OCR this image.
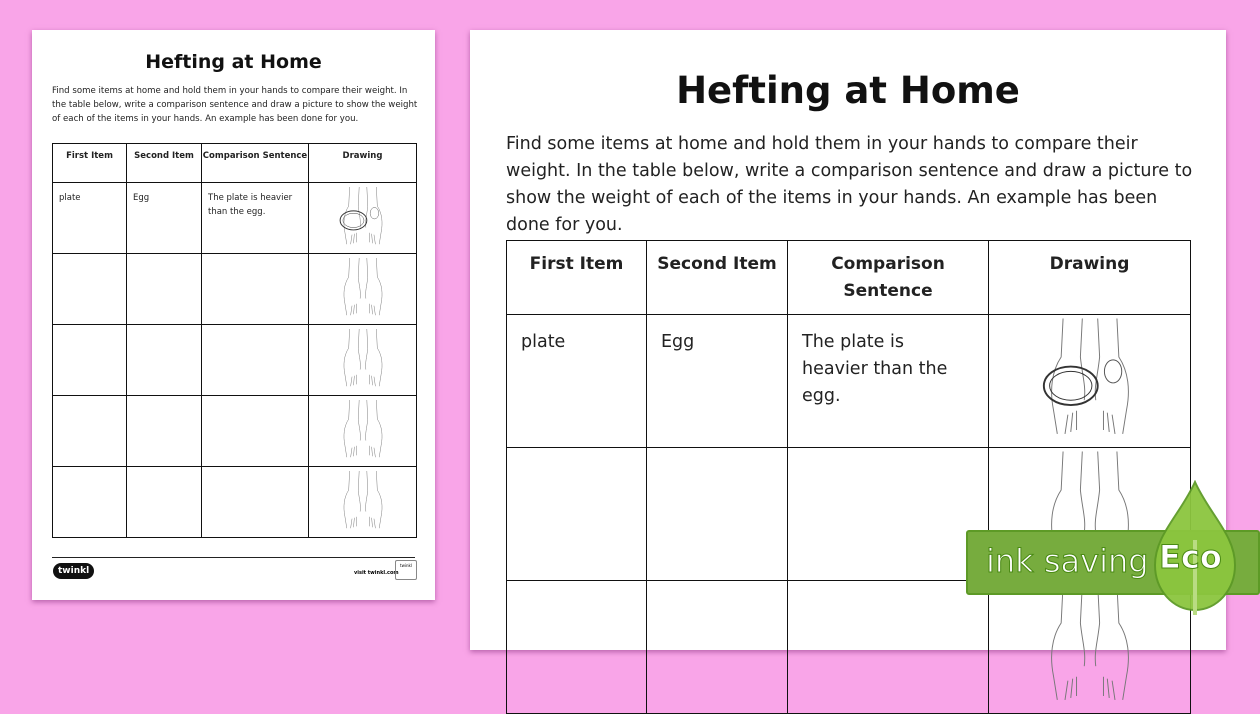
Hefting at Home
Find some items at home and hold them in your hands to compare their weight. In the table below, write a comparison sentence and draw a picture to show the weight of each of the items in your hands. An example has been done for you.
First Item	Second Item	Comparison Sentence	Drawing
plate	Egg	The plate is heavier than the egg.	

twinkl	visit twinkl.com
twinkl
Hefting at Home
Find some items at home and hold them in your hands to compare their weight. In the table below, write a comparison sentence and draw a picture to show the weight of each of the items in your hands. An example has been done for you.
First Item	Second Item	Comparison Sentence	Drawing
plate	Egg	The plate is heavier than the egg.	

ink saving Eco
